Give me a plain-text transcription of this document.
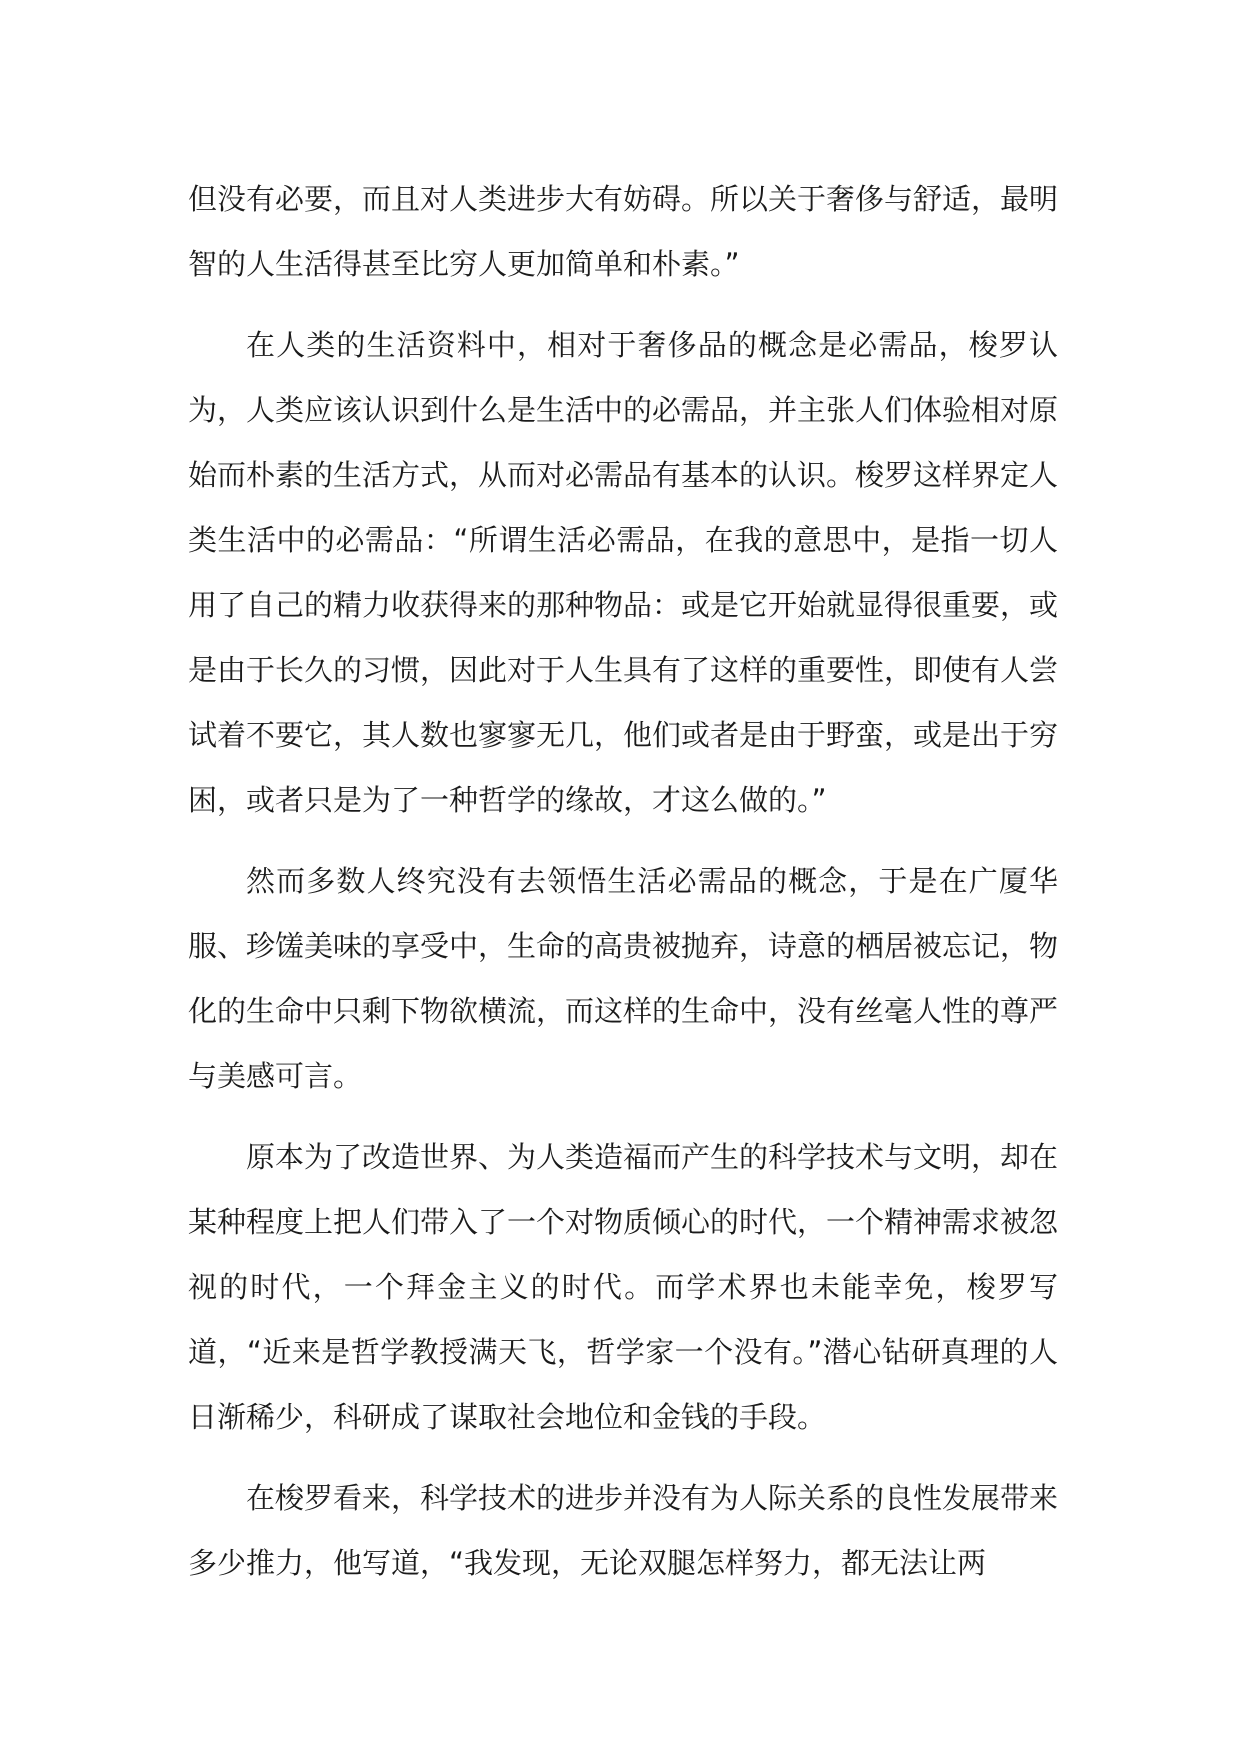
但没有必要，而且对人类进步大有妨碍。所以关于奢侈与舒适，最明智的人生活得甚至比穷人更加简单和朴素。”

在人类的生活资料中，相对于奢侈品的概念是必需品，梭罗认为，人类应该认识到什么是生活中的必需品，并主张人们体验相对原始而朴素的生活方式，从而对必需品有基本的认识。梭罗这样界定人类生活中的必需品：“所谓生活必需品，在我的意思中，是指一切人用了自己的精力收获得来的那种物品：或是它开始就显得很重要，或是由于长久的习惯，因此对于人生具有了这样的重要性，即使有人尝试着不要它，其人数也寥寥无几，他们或者是由于野蛮，或是出于穷困，或者只是为了一种哲学的缘故，才这么做的。”

然而多数人终究没有去领悟生活必需品的概念，于是在广厦华服、珍馐美味的享受中，生命的高贵被抛弃，诗意的栖居被忘记，物化的生命中只剩下物欲横流，而这样的生命中，没有丝毫人性的尊严与美感可言。

原本为了改造世界、为人类造福而产生的科学技术与文明，却在某种程度上把人们带入了一个对物质倾心的时代，一个精神需求被忽视的时代，一个拜金主义的时代。而学术界也未能幸免，梭罗写道，“近来是哲学教授满天飞，哲学家一个没有。”潜心钻研真理的人日渐稀少，科研成了谋取社会地位和金钱的手段。

在梭罗看来，科学技术的进步并没有为人际关系的良性发展带来多少推力，他写道，“我发现，无论双腿怎样努力，都无法让两
